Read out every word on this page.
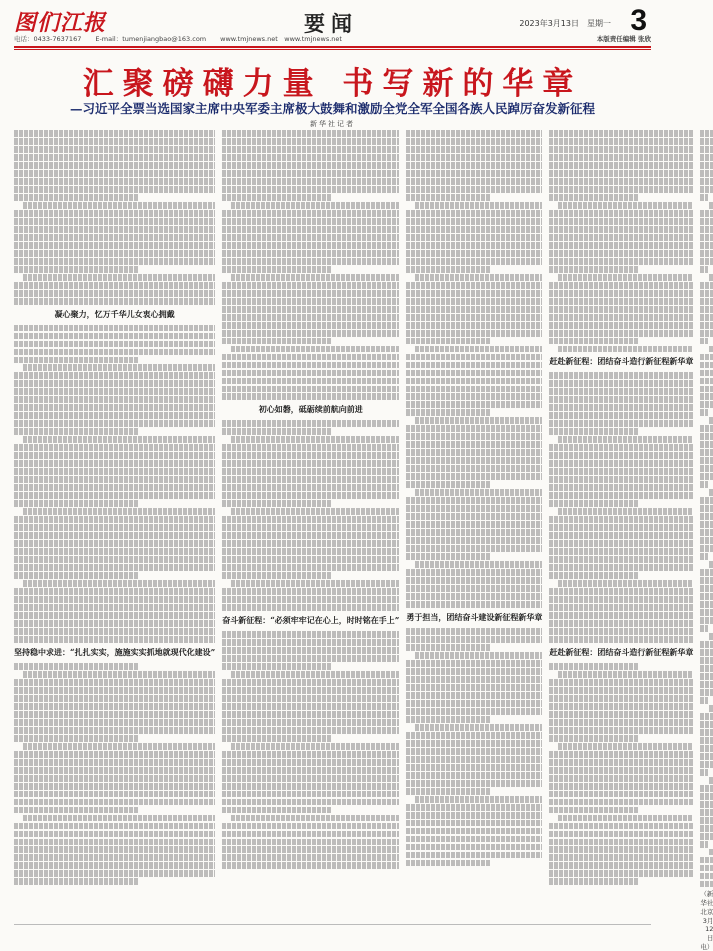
图们江报	要闻	2023年3月13日　星期一 3
电话：0433-7637167 E-mail：tumenjiangbao@163.com www.tmjnews.net　www.tmjnews.net	本版责任编辑 张欣
汇聚磅礴力量 书写新的华章
—习近平全票当选国家主席中央军委主席极大鼓舞和激励全党全军全国各族人民踔厉奋发新征程
新华社记者
凝心聚力，忆万千华儿女衷心拥戴
坚持稳中求进：“扎扎实实，施施实实抓地就现代化建设”
初心如磐，砥砺续前航向前进
奋斗新征程：“必须牢牢记在心上，时时铭在手上” 勇于担当，团结奋斗建设新征程新华章
赶赴新征程：团结奋斗造行新征程新华章
赶赴新征程：团结奋斗造行新征程新华章
（新华社北京3月12日电）
